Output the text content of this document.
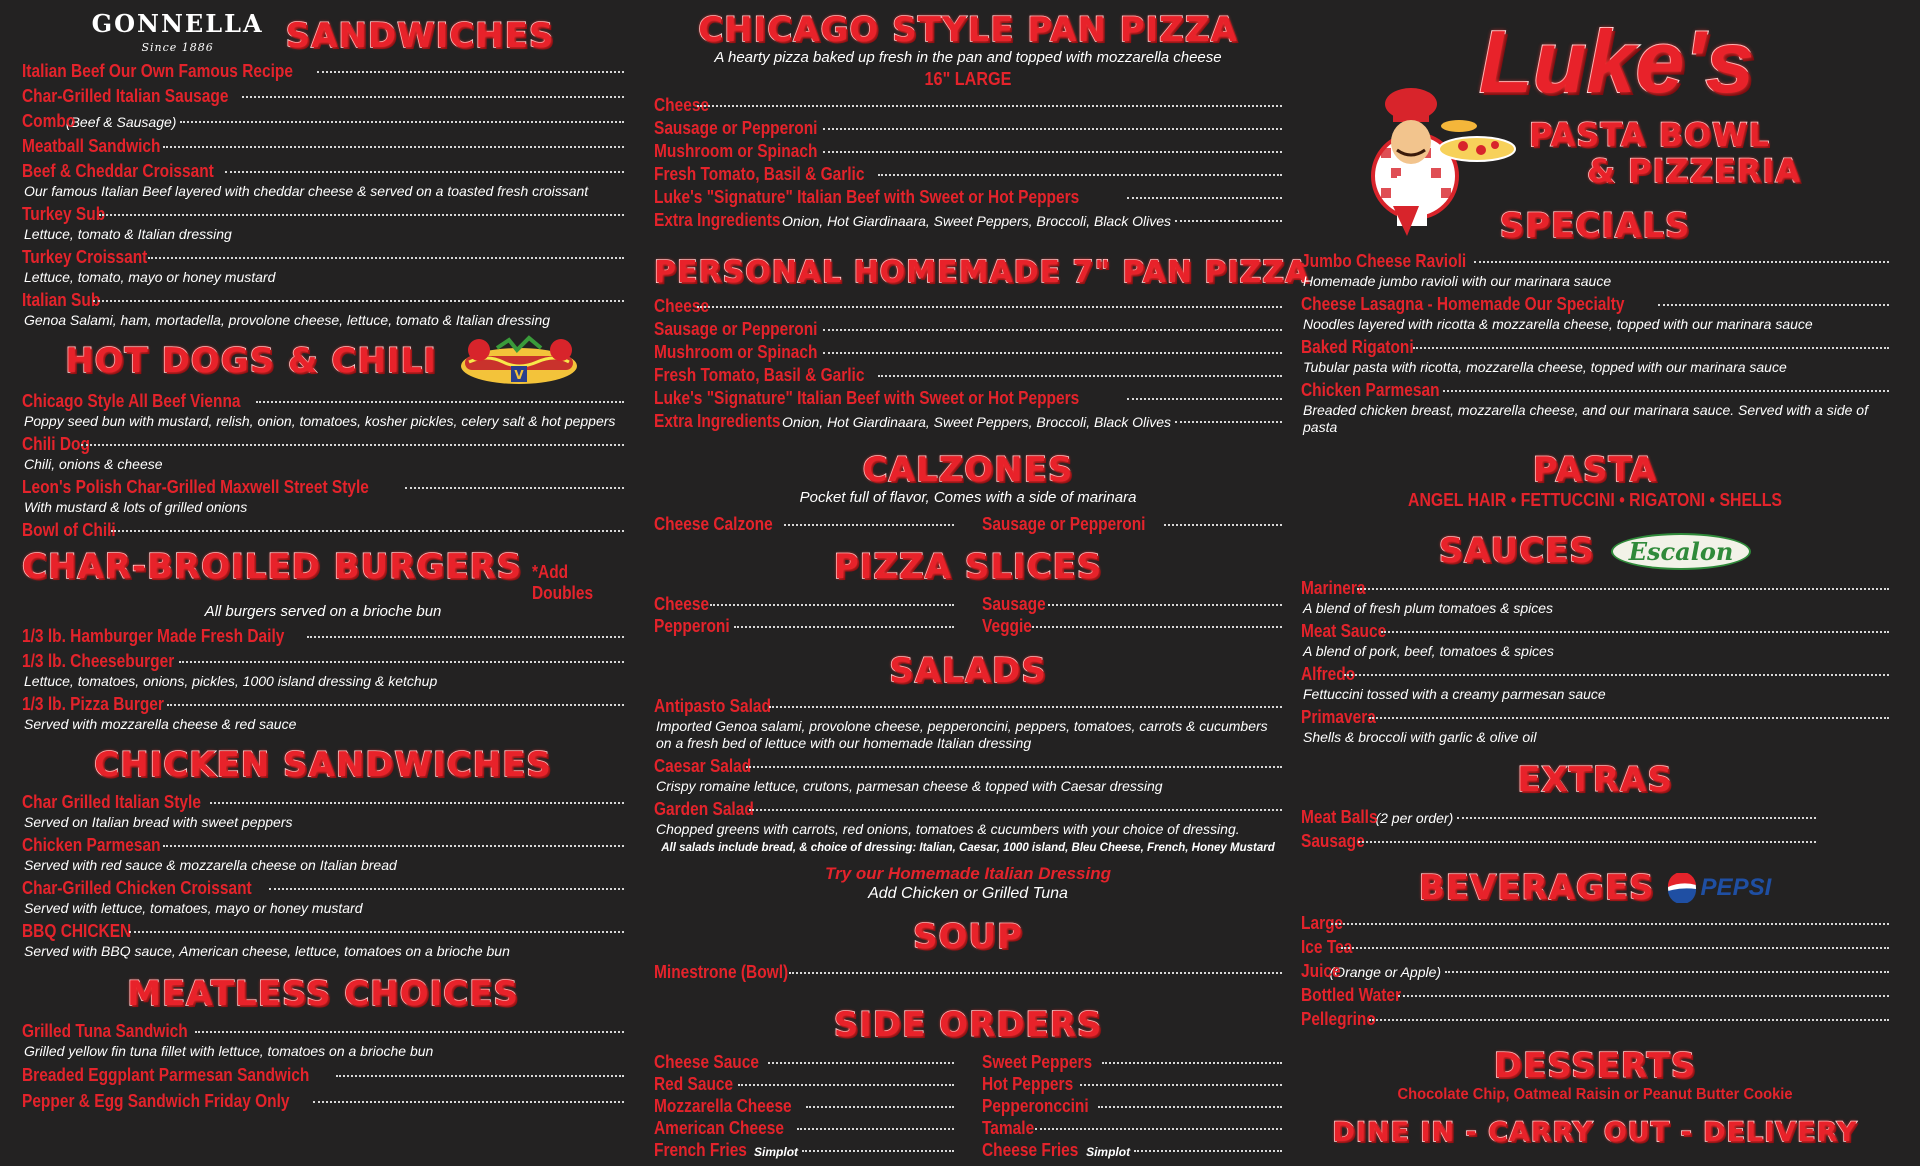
GONNELLA
Since 1886	SANDWICHES
Italian Beef Our Own Famous Recipe
Char-Grilled Italian Sausage
Combo
(Beef & Sausage)
Meatball Sandwich
Beef & Cheddar Croissant
Our famous Italian Beef layered with cheddar cheese & served on a toasted fresh croissant
Turkey Sub
Lettuce, tomato & Italian dressing
Turkey Croissant
Lettuce, tomato, mayo or honey mustard
Italian Sub
Genoa Salami, ham, mortadella, provolone cheese, lettuce, tomato & Italian dressing
HOT DOGS & CHILI	V
Chicago Style All Beef Vienna
Poppy seed bun with mustard, relish, onion, tomatoes, kosher pickles, celery salt & hot peppers
Chili Dog
Chili, onions & cheese
Leon's Polish Char-Grilled Maxwell Street Style
With mustard & lots of grilled onions
Bowl of Chili
CHAR-BROILED BURGERS *Add Doubles
All burgers served on a brioche bun
1/3 lb. Hamburger Made Fresh Daily
1/3 lb. Cheeseburger
Lettuce, tomatoes, onions, pickles, 1000 island dressing & ketchup
1/3 lb. Pizza Burger
Served with mozzarella cheese & red sauce
CHICKEN SANDWICHES
Char Grilled Italian Style
Served on Italian bread with sweet peppers
Chicken Parmesan
Served with red sauce & mozzarella cheese on Italian bread
Char-Grilled Chicken Croissant
Served with lettuce, tomatoes, mayo or honey mustard
BBQ CHICKEN
Served with BBQ sauce, American cheese, lettuce, tomatoes on a brioche bun
MEATLESS CHOICES
Grilled Tuna Sandwich
Grilled yellow fin tuna fillet with lettuce, tomatoes on a brioche bun
Breaded Eggplant Parmesan Sandwich
Pepper & Egg Sandwich Friday Only
CHICAGO STYLE PAN PIZZA
A hearty pizza baked up fresh in the pan and topped with mozzarella cheese
16" LARGE
Cheese
Sausage or Pepperoni
Mushroom or Spinach
Fresh Tomato, Basil & Garlic
Luke's "Signature" Italian Beef with Sweet or Hot Peppers
Extra Ingredients Onion, Hot Giardinaara, Sweet Peppers, Broccoli, Black Olives
PERSONAL HOMEMADE 7" PAN PIZZA
Cheese
Sausage or Pepperoni
Mushroom or Spinach
Fresh Tomato, Basil & Garlic
Luke's "Signature" Italian Beef with Sweet or Hot Peppers
Extra Ingredients Onion, Hot Giardinaara, Sweet Peppers, Broccoli, Black Olives
CALZONES
Pocket full of flavor, Comes with a side of marinara
Cheese Calzone	Sausage or Pepperoni
PIZZA SLICES
Cheese
Pepperoni
Sausage
Veggie
SALADS
Antipasto Salad
Imported Genoa salami, provolone cheese, pepperoncini, peppers, tomatoes, carrots & cucumbers on a fresh bed of lettuce with our homemade Italian dressing
Caesar Salad
Crispy romaine lettuce, crutons, parmesan cheese & topped with Caesar dressing
Garden Salad
Chopped greens with carrots, red onions, tomatoes & cucumbers with your choice of dressing.
All salads include bread, & choice of dressing: Italian, Caesar, 1000 island, Bleu Cheese, French, Honey Mustard
Try our Homemade Italian Dressing
Add Chicken or Grilled Tuna
SOUP
Minestrone (Bowl)
SIDE ORDERS
Cheese Sauce
Red Sauce
Mozzarella Cheese
American Cheese
French Fries Simplot
Sweet Peppers
Hot Peppers
Pepperonccini
Tamale
Cheese Fries Simplot
Luke's
PASTA BOWL
& PIZZERIA
SPECIALS
Jumbo Cheese Ravioli
Homemade jumbo ravioli with our marinara sauce
Cheese Lasagna - Homemade Our Specialty
Noodles layered with ricotta & mozzarella cheese, topped with our marinara sauce
Baked Rigatoni
Tubular pasta with ricotta, mozzarella cheese, topped with our marinara sauce
Chicken Parmesan
Breaded chicken breast, mozzarella cheese, and our marinara sauce. Served with a side of pasta
PASTA
ANGEL HAIR • FETTUCCINI • RIGATONI • SHELLS
SAUCES	Escalon
Marinera
A blend of fresh plum tomatoes & spices
Meat Sauce
A blend of pork, beef, tomatoes & spices
Alfredo
Fettuccini tossed with a creamy parmesan sauce
Primavera
Shells & broccoli with garlic & olive oil
EXTRAS
Meat Balls
(2 per order)
Sausage
BEVERAGES PEPSI
Large
Ice Tea
Juice
(Orange or Apple)
Bottled Water
Pellegrino
DESSERTS
Chocolate Chip, Oatmeal Raisin or Peanut Butter Cookie
DINE IN - CARRY OUT - DELIVERY
